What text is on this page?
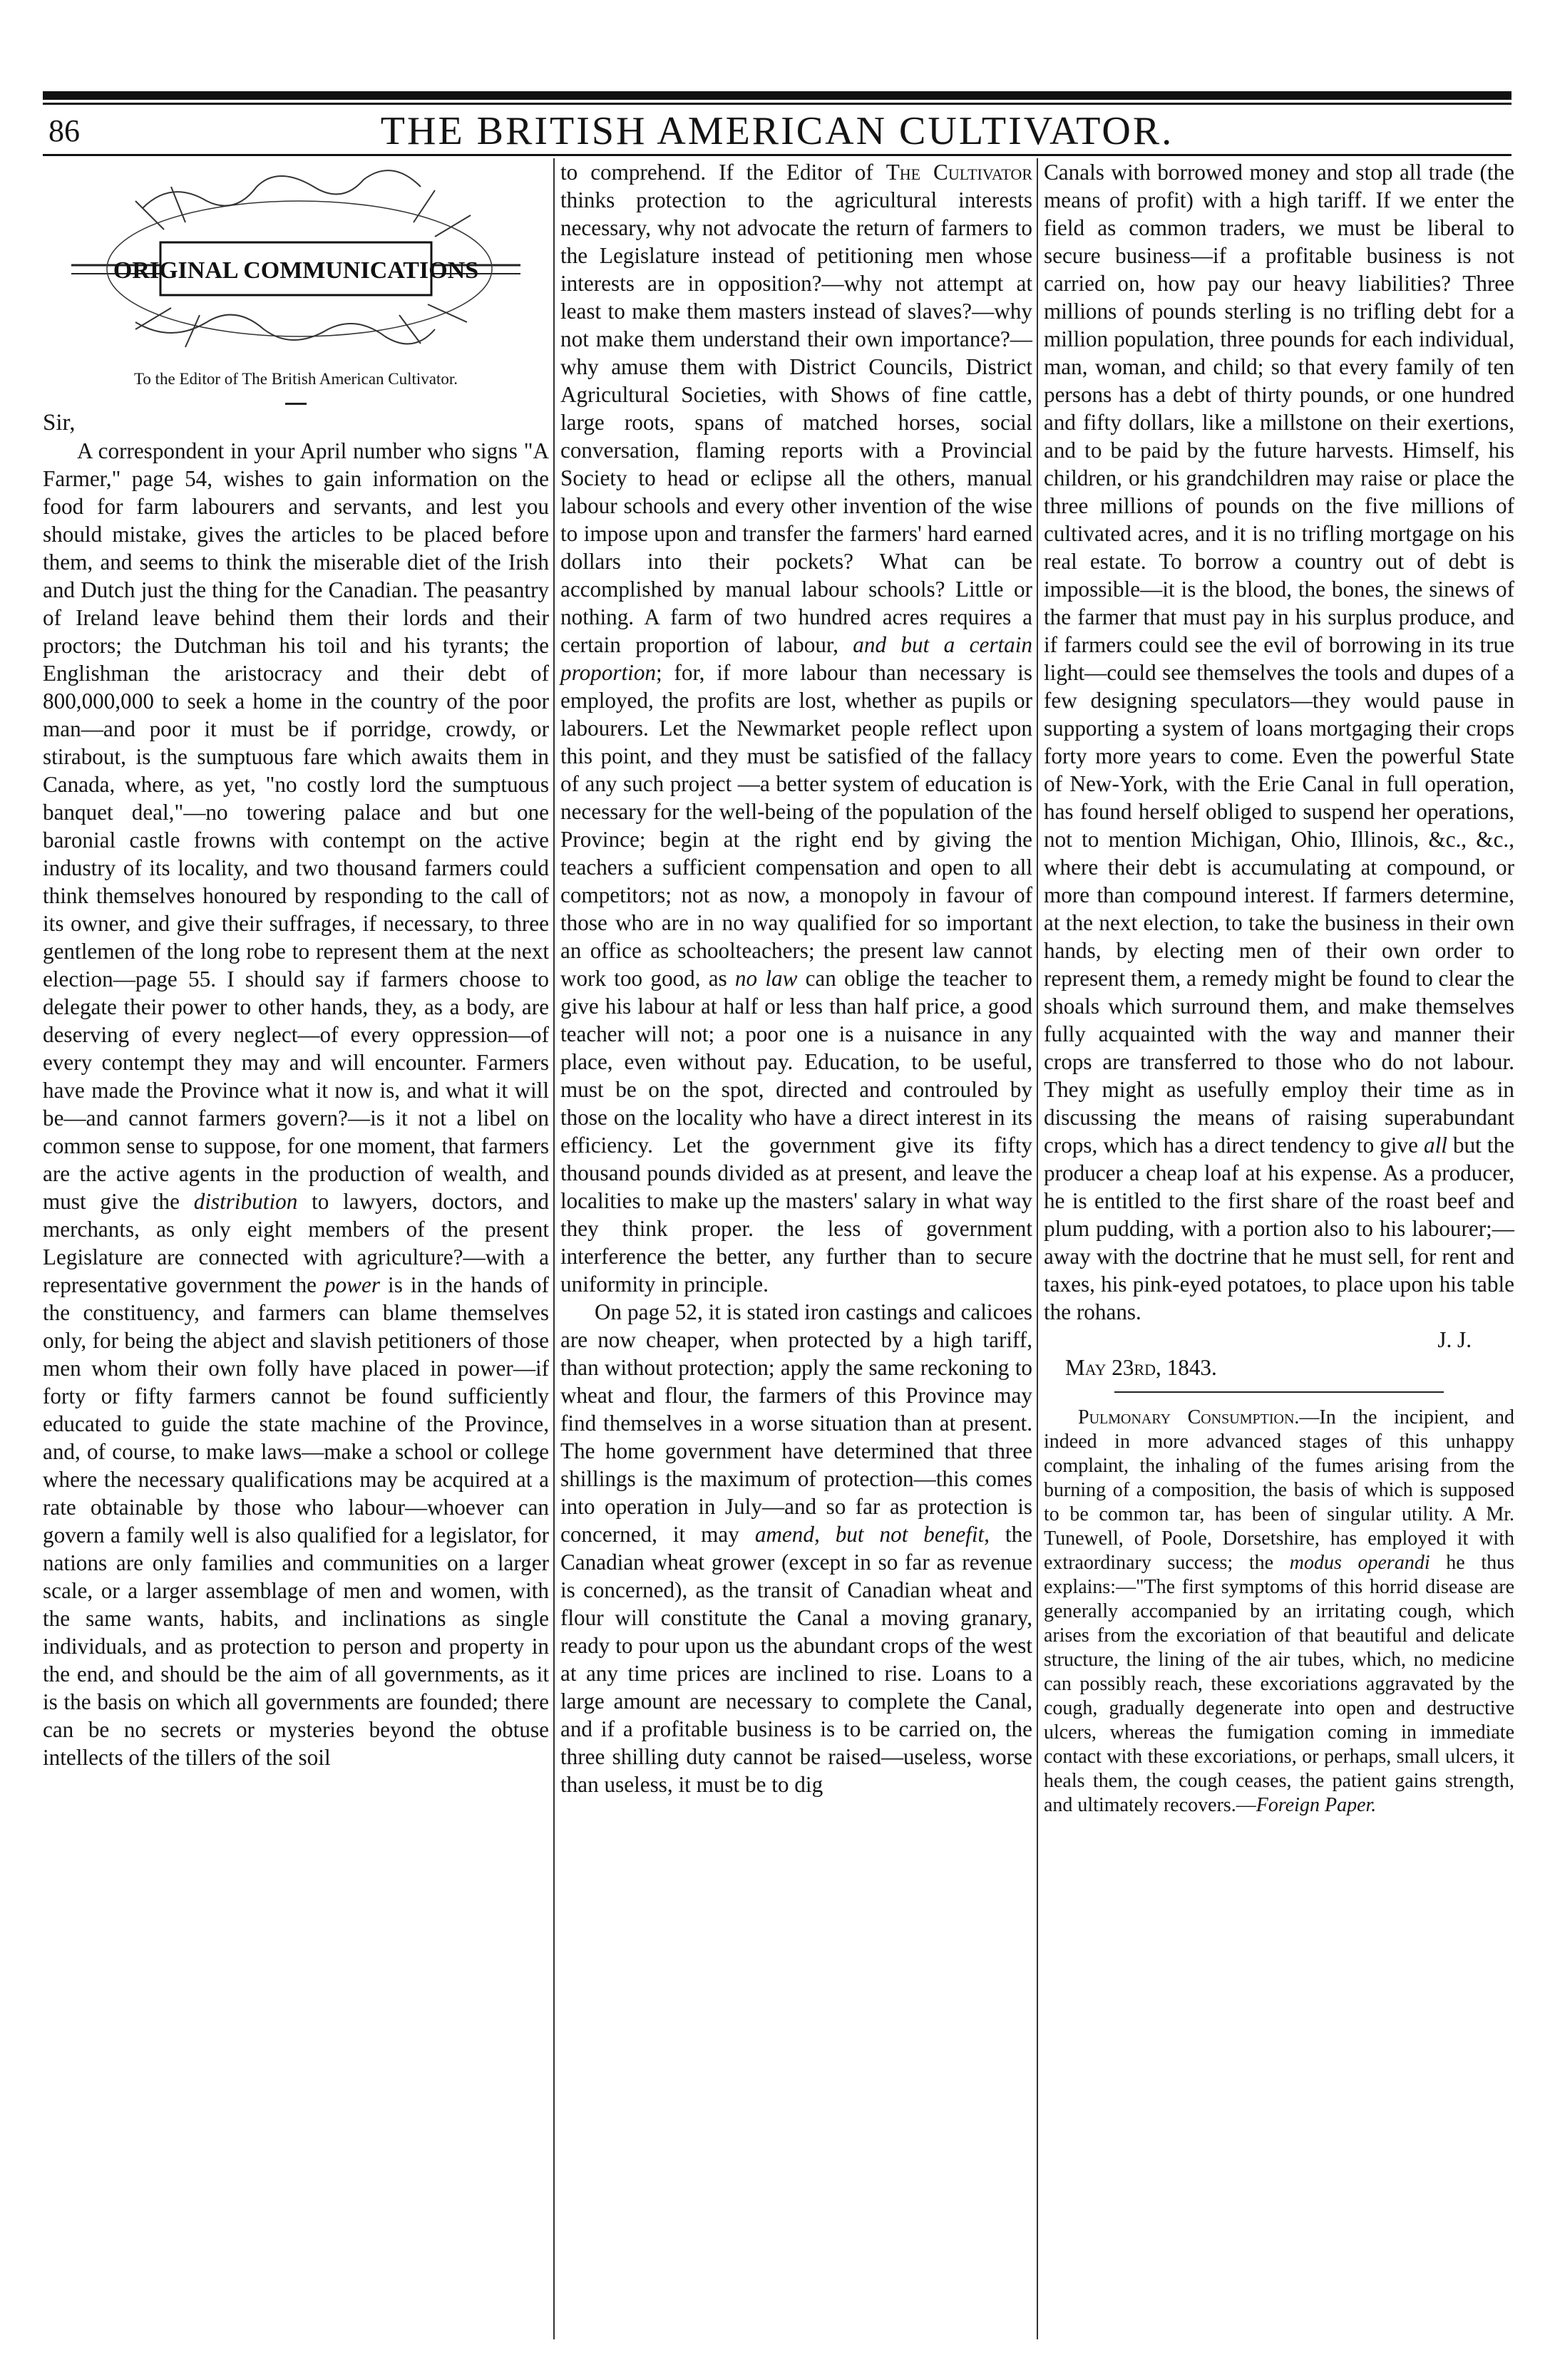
86	THE BRITISH AMERICAN CULTIVATOR.
ORIGINAL COMMUNICATIONS

To the Editor of The British American Cultivator.

Sir,

A correspondent in your April number who signs "A Farmer," page 54, wishes to gain information on the food for farm labourers and servants, and lest you should mistake, gives the articles to be placed before them, and seems to think the miserable diet of the Irish and Dutch just the thing for the Canadian. The peasantry of Ireland leave behind them their lords and their proctors; the Dutchman his toil and his tyrants; the Englishman the aristocracy and their debt of 800,000,000 to seek a home in the country of the poor man—and poor it must be if porridge, crowdy, or stirabout, is the sumptuous fare which awaits them in Canada, where, as yet, "no costly lord the sumptuous banquet deal,"—no towering palace and but one baronial castle frowns with contempt on the active industry of its locality, and two thousand farmers could think themselves honoured by responding to the call of its owner, and give their suffrages, if necessary, to three gentlemen of the long robe to represent them at the next election—page 55. I should say if farmers choose to delegate their power to other hands, they, as a body, are deserving of every neglect—of every oppression—of every contempt they may and will encounter. Farmers have made the Province what it now is, and what it will be—and cannot farmers govern?—is it not a libel on common sense to suppose, for one moment, that farmers are the active agents in the production of wealth, and must give the distribution to lawyers, doctors, and merchants, as only eight members of the present Legislature are connected with agriculture?—with a representative government the power is in the hands of the constituency, and farmers can blame themselves only, for being the abject and slavish petitioners of those men whom their own folly have placed in power—if forty or fifty farmers cannot be found sufficiently educated to guide the state machine of the Province, and, of course, to make laws—make a school or college where the necessary qualifications may be acquired at a rate obtainable by those who labour—whoever can govern a family well is also qualified for a legislator, for nations are only families and communities on a larger scale, or a larger assemblage of men and women, with the same wants, habits, and inclinations as single individuals, and as protection to person and property in the end, and should be the aim of all governments, as it is the basis on which all governments are founded; there can be no secrets or mysteries beyond the obtuse intellects of the tillers of the soil

to comprehend. If the Editor of The Cultivator thinks protection to the agricultural interests necessary, why not advocate the return of farmers to the Legislature instead of petitioning men whose interests are in opposition?—why not attempt at least to make them masters instead of slaves?—why not make them understand their own importance?—why amuse them with District Councils, District Agricultural Societies, with Shows of fine cattle, large roots, spans of matched horses, social conversation, flaming reports with a Provincial Society to head or eclipse all the others, manual labour schools and every other invention of the wise to impose upon and transfer the farmers' hard earned dollars into their pockets? What can be accomplished by manual labour schools? Little or nothing. A farm of two hundred acres requires a certain proportion of labour, and but a certain proportion; for, if more labour than necessary is employed, the profits are lost, whether as pupils or labourers. Let the Newmarket people reflect upon this point, and they must be satisfied of the fallacy of any such project —a better system of education is necessary for the well-being of the population of the Province; begin at the right end by giving the teachers a sufficient compensation and open to all competitors; not as now, a monopoly in favour of those who are in no way qualified for so important an office as schoolteachers; the present law cannot work too good, as no law can oblige the teacher to give his labour at half or less than half price, a good teacher will not; a poor one is a nuisance in any place, even without pay. Education, to be useful, must be on the spot, directed and controuled by those on the locality who have a direct interest in its efficiency. Let the government give its fifty thousand pounds divided as at present, and leave the localities to make up the masters' salary in what way they think proper. the less of government interference the better, any further than to secure uniformity in principle.

On page 52, it is stated iron castings and calicoes are now cheaper, when protected by a high tariff, than without protection; apply the same reckoning to wheat and flour, the farmers of this Province may find themselves in a worse situation than at present. The home government have determined that three shillings is the maximum of protection—this comes into operation in July—and so far as protection is concerned, it may amend, but not benefit, the Canadian wheat grower (except in so far as revenue is concerned), as the transit of Canadian wheat and flour will constitute the Canal a moving granary, ready to pour upon us the abundant crops of the west at any time prices are inclined to rise. Loans to a large amount are necessary to complete the Canal, and if a profitable business is to be carried on, the three shilling duty cannot be raised—useless, worse than useless, it must be to dig

Canals with borrowed money and stop all trade (the means of profit) with a high tariff. If we enter the field as common traders, we must be liberal to secure business—if a profitable business is not carried on, how pay our heavy liabilities? Three millions of pounds sterling is no trifling debt for a million population, three pounds for each individual, man, woman, and child; so that every family of ten persons has a debt of thirty pounds, or one hundred and fifty dollars, like a millstone on their exertions, and to be paid by the future harvests. Himself, his children, or his grandchildren may raise or place the three millions of pounds on the five millions of cultivated acres, and it is no trifling mortgage on his real estate. To borrow a country out of debt is impossible—it is the blood, the bones, the sinews of the farmer that must pay in his surplus produce, and if farmers could see the evil of borrowing in its true light—could see themselves the tools and dupes of a few designing speculators—they would pause in supporting a system of loans mortgaging their crops forty more years to come. Even the powerful State of New-York, with the Erie Canal in full operation, has found herself obliged to suspend her operations, not to mention Michigan, Ohio, Illinois, &c., &c., where their debt is accumulating at compound, or more than compound interest. If farmers determine, at the next election, to take the business in their own hands, by electing men of their own order to represent them, a remedy might be found to clear the shoals which surround them, and make themselves fully acquainted with the way and manner their crops are transferred to those who do not labour. They might as usefully employ their time as in discussing the means of raising superabundant crops, which has a direct tendency to give all but the producer a cheap loaf at his expense. As a producer, he is entitled to the first share of the roast beef and plum pudding, with a portion also to his labourer;—away with the doctrine that he must sell, for rent and taxes, his pink-eyed potatoes, to place upon his table the rohans.

J. J.

May 23rd, 1843.

Pulmonary Consumption.—In the incipient, and indeed in more advanced stages of this unhappy complaint, the inhaling of the fumes arising from the burning of a composition, the basis of which is supposed to be common tar, has been of singular utility. A Mr. Tunewell, of Poole, Dorsetshire, has employed it with extraordinary success; the modus operandi he thus explains:—"The first symptoms of this horrid disease are generally accompanied by an irritating cough, which arises from the excoriation of that beautiful and delicate structure, the lining of the air tubes, which, no medicine can possibly reach, these excoriations aggravated by the cough, gradually degenerate into open and destructive ulcers, whereas the fumigation coming in immediate contact with these excoriations, or perhaps, small ulcers, it heals them, the cough ceases, the patient gains strength, and ultimately recovers.—Foreign Paper.
